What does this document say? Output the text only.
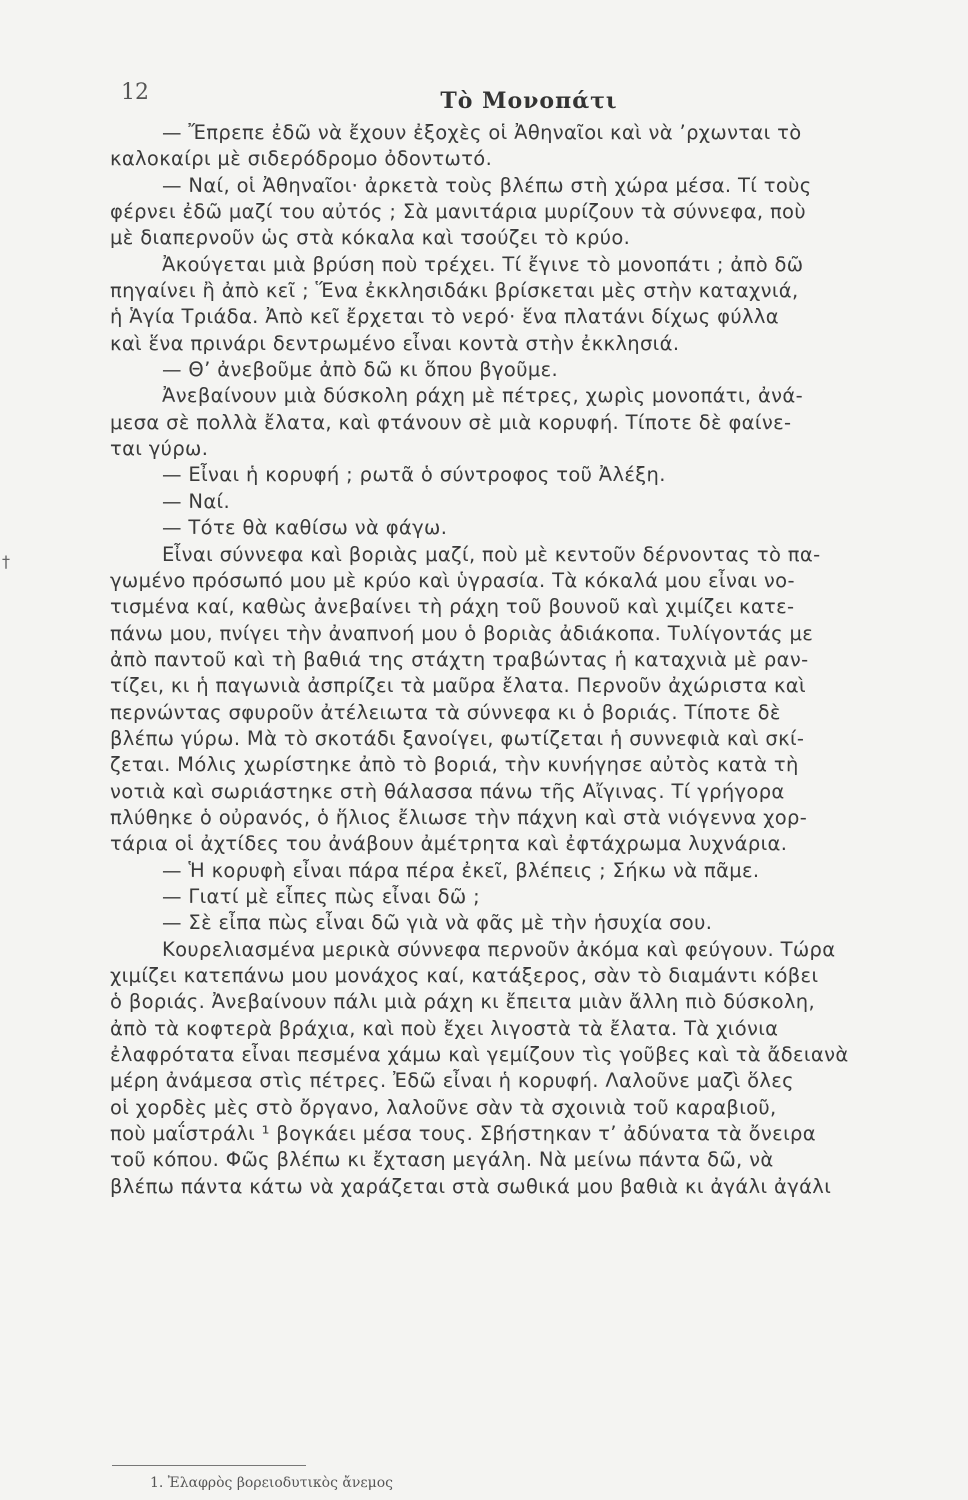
12	Τὸ Μονοπάτι
†
— Ἔπρεπε ἐδῶ νὰ ἔχουν ἐξοχὲς οἱ Ἀθηναῖοι καὶ νὰ ’ρχωνται τὸ
καλοκαίρι μὲ σιδερόδρομο ὀδοντωτό.
— Ναί, οἱ Ἀθηναῖοι· ἀρκετὰ τοὺς βλέπω στὴ χώρα μέσα. Τί τοὺς
φέρνει ἐδῶ μαζί του αὐτός ; Σὰ μανιτάρια μυρίζουν τὰ σύννεφα, ποὺ
μὲ διαπερνοῦν ὡς στὰ κόκαλα καὶ τσούζει τὸ κρύο.
Ἀκούγεται μιὰ βρύση ποὺ τρέχει. Τί ἔγινε τὸ μονοπάτι ; ἀπὸ δῶ
πηγαίνει ἢ ἀπὸ κεῖ ; Ἕνα ἐκκλησιδάκι βρίσκεται μὲς στὴν καταχνιά,
ἡ Ἁγία Τριάδα. Ἀπὸ κεῖ ἔρχεται τὸ νερό· ἕνα πλατάνι δίχως φύλλα
καὶ ἕνα πρινάρι δεντρωμένο εἶναι κοντὰ στὴν ἐκκλησιά.
— Θ’ ἀνεβοῦμε ἀπὸ δῶ κι ὅπου βγοῦμε.
Ἀνεβαίνουν μιὰ δύσκολη ράχη μὲ πέτρες, χωρὶς μονοπάτι, ἀνά-
μεσα σὲ πολλὰ ἔλατα, καὶ φτάνουν σὲ μιὰ κορυφή. Τίποτε δὲ φαίνε-
ται γύρω.
— Εἶναι ἡ κορυφή ; ρωτᾶ ὁ σύντροφος τοῦ Ἀλέξη.
— Ναί.
— Τότε θὰ καθίσω νὰ φάγω.
Εἶναι σύννεφα καὶ βοριὰς μαζί, ποὺ μὲ κεντοῦν δέρνοντας τὸ πα-
γωμένο πρόσωπό μου μὲ κρύο καὶ ὑγρασία. Τὰ κόκαλά μου εἶναι νο-
τισμένα καί, καθὼς ἀνεβαίνει τὴ ράχη τοῦ βουνοῦ καὶ χιμίζει κατε-
πάνω μου, πνίγει τὴν ἀναπνοή μου ὁ βοριὰς ἀδιάκοπα. Τυλίγοντάς με
ἀπὸ παντοῦ καὶ τὴ βαθιά της στάχτη τραβώντας ἡ καταχνιὰ μὲ ραν-
τίζει, κι ἡ παγωνιὰ ἀσπρίζει τὰ μαῦρα ἔλατα. Περνοῦν ἀχώριστα καὶ
περνώντας σφυροῦν ἀτέλειωτα τὰ σύννεφα κι ὁ βοριάς. Τίποτε δὲ
βλέπω γύρω. Μὰ τὸ σκοτάδι ξανοίγει, φωτίζεται ἡ συννεφιὰ καὶ σκί-
ζεται. Μόλις χωρίστηκε ἀπὸ τὸ βοριά, τὴν κυνήγησε αὐτὸς κατὰ τὴ
νοτιὰ καὶ σωριάστηκε στὴ θάλασσα πάνω τῆς Αἴγινας. Τί γρήγορα
πλύθηκε ὁ οὐρανός, ὁ ἥλιος ἔλιωσε τὴν πάχνη καὶ στὰ νιόγεννα χορ-
τάρια οἱ ἀχτίδες του ἀνάβουν ἀμέτρητα καὶ ἐφτάχρωμα λυχνάρια.
— Ἡ κορυφὴ εἶναι πάρα πέρα ἐκεῖ, βλέπεις ; Σήκω νὰ πᾶμε.
— Γιατί μὲ εἶπες πὼς εἶναι δῶ ;
— Σὲ εἶπα πὼς εἶναι δῶ γιὰ νὰ φᾶς μὲ τὴν ἡσυχία σου.
Κουρελιασμένα μερικὰ σύννεφα περνοῦν ἀκόμα καὶ φεύγουν. Τώρα
χιμίζει κατεπάνω μου μονάχος καί, κατάξερος, σὰν τὸ διαμάντι κόβει
ὁ βοριάς. Ἀνεβαίνουν πάλι μιὰ ράχη κι ἔπειτα μιὰν ἄλλη πιὸ δύσκολη,
ἀπὸ τὰ κοφτερὰ βράχια, καὶ ποὺ ἔχει λιγοστὰ τὰ ἔλατα. Τὰ χιόνια
ἐλαφρότατα εἶναι πεσμένα χάμω καὶ γεμίζουν τὶς γοῦβες καὶ τὰ ἄδειανὰ
μέρη ἀνάμεσα στὶς πέτρες. Ἐδῶ εἶναι ἡ κορυφή. Λαλοῦνε μαζὶ ὅλες
οἱ χορδὲς μὲς στὸ ὄργανο, λαλοῦνε σὰν τὰ σχοινιὰ τοῦ καραβιοῦ,
ποὺ μαΐστράλι ¹ βογκάει μέσα τους. Σβήστηκαν τ’ ἀδύνατα τὰ ὄνειρα
τοῦ κόπου. Φῶς βλέπω κι ἔχταση μεγάλη. Νὰ μείνω πάντα δῶ, νὰ
βλέπω πάντα κάτω νὰ χαράζεται στὰ σωθικά μου βαθιὰ κι ἀγάλι ἀγάλι
1. Ἐλαφρὸς βορειοδυτικὸς ἄνεμος
